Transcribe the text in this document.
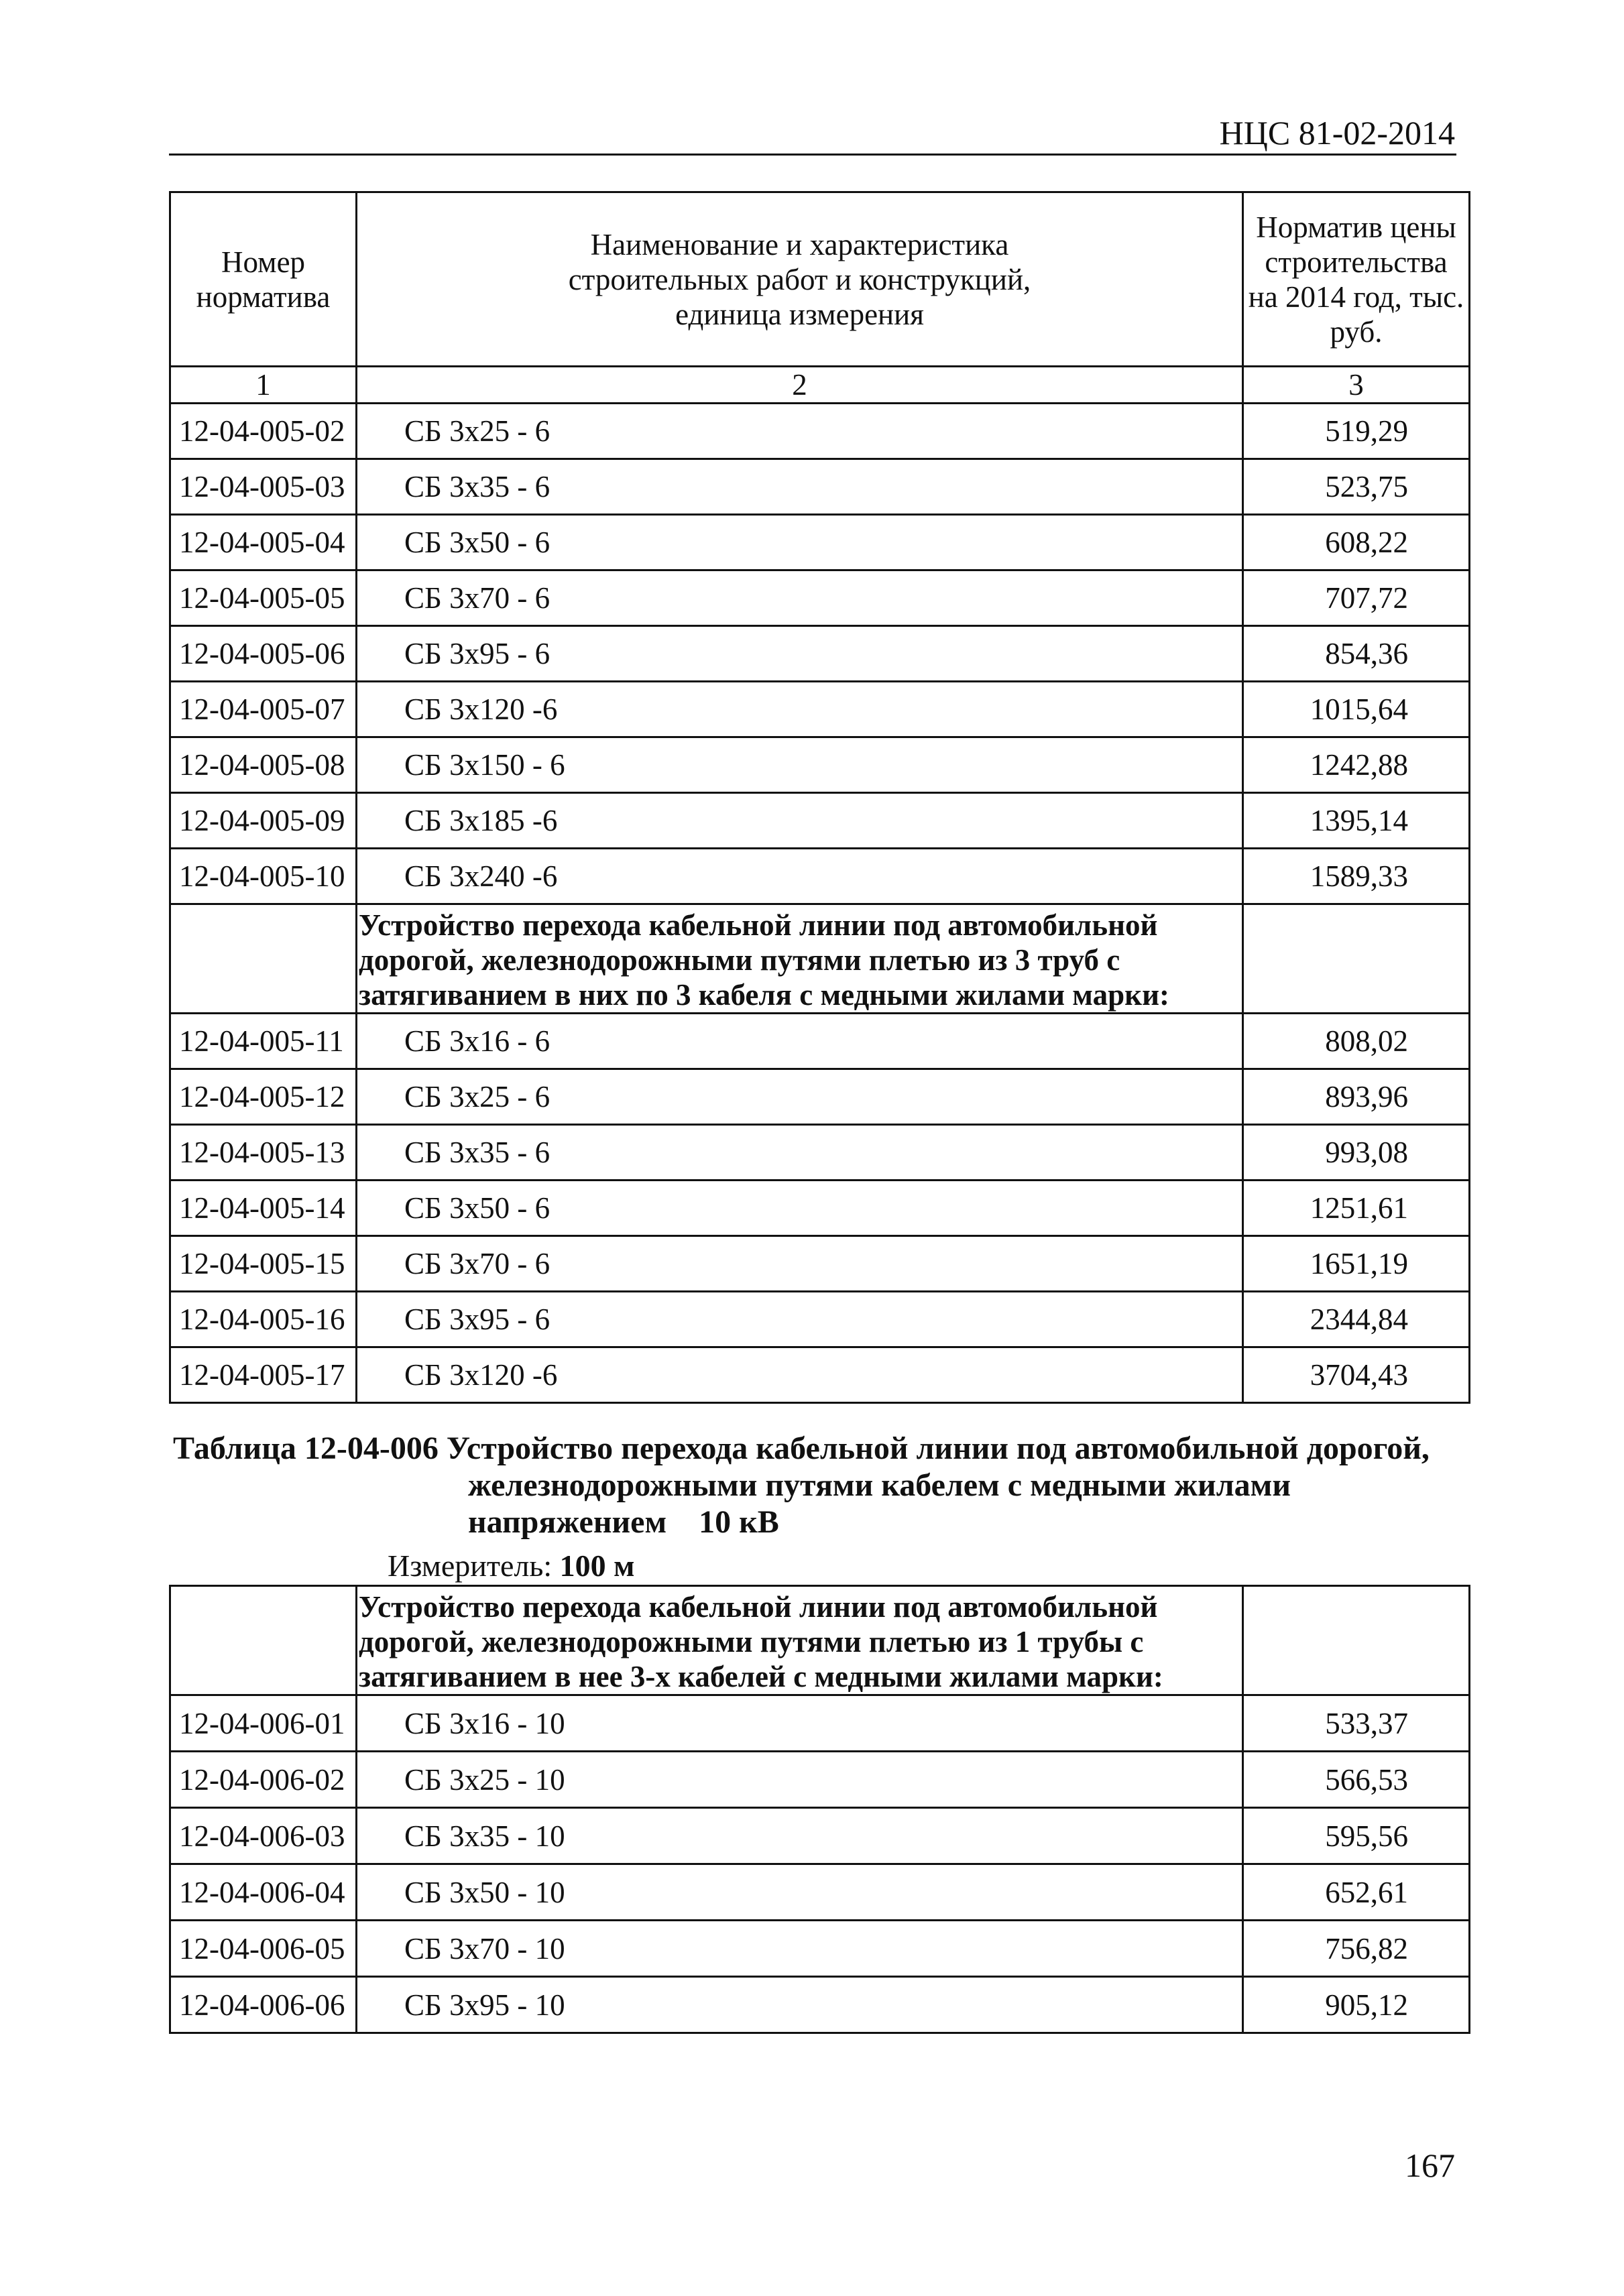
НЦС 81-02-2014
Номер норматива	Наименование и характеристика строительных работ и конструкций, единица измерения	Норматив цены строительства на 2014 год, тыс. руб.
1	2	3
12-04-005-02	СБ 3х25 - 6	519,29
12-04-005-03	СБ 3х35 - 6	523,75
12-04-005-04	СБ 3х50 - 6	608,22
12-04-005-05	СБ 3х70 - 6	707,72
12-04-005-06	СБ 3х95 - 6	854,36
12-04-005-07	СБ 3х120 -6	1015,64
12-04-005-08	СБ 3х150 - 6	1242,88
12-04-005-09	СБ 3х185 -6	1395,14
12-04-005-10	СБ 3х240 -6	1589,33
	Устройство перехода кабельной линии под автомобильной дорогой, железнодорожными путями плетью из 3 труб с затягиванием в них по 3 кабеля с медными жилами марки:	
12-04-005-11	СБ 3х16 - 6	808,02
12-04-005-12	СБ 3х25 - 6	893,96
12-04-005-13	СБ 3х35 - 6	993,08
12-04-005-14	СБ 3х50 - 6	1251,61
12-04-005-15	СБ 3х70 - 6	1651,19
12-04-005-16	СБ 3х95 - 6	2344,84
12-04-005-17	СБ 3х120 -6	3704,43
Таблица 12-04-006 Устройство перехода кабельной линии под автомобильной дорогой,
железнодорожными путями кабелем с медными жилами
напряжением    10 кВ
Измеритель: 100 м
	Устройство перехода кабельной линии под автомобильной дорогой, железнодорожными путями плетью из 1 трубы с затягиванием в нее 3-х кабелей с медными жилами марки:	
12-04-006-01	СБ 3х16 - 10	533,37
12-04-006-02	СБ 3х25 - 10	566,53
12-04-006-03	СБ 3х35 - 10	595,56
12-04-006-04	СБ 3х50 - 10	652,61
12-04-006-05	СБ 3х70 - 10	756,82
12-04-006-06	СБ 3х95 - 10	905,12
167
